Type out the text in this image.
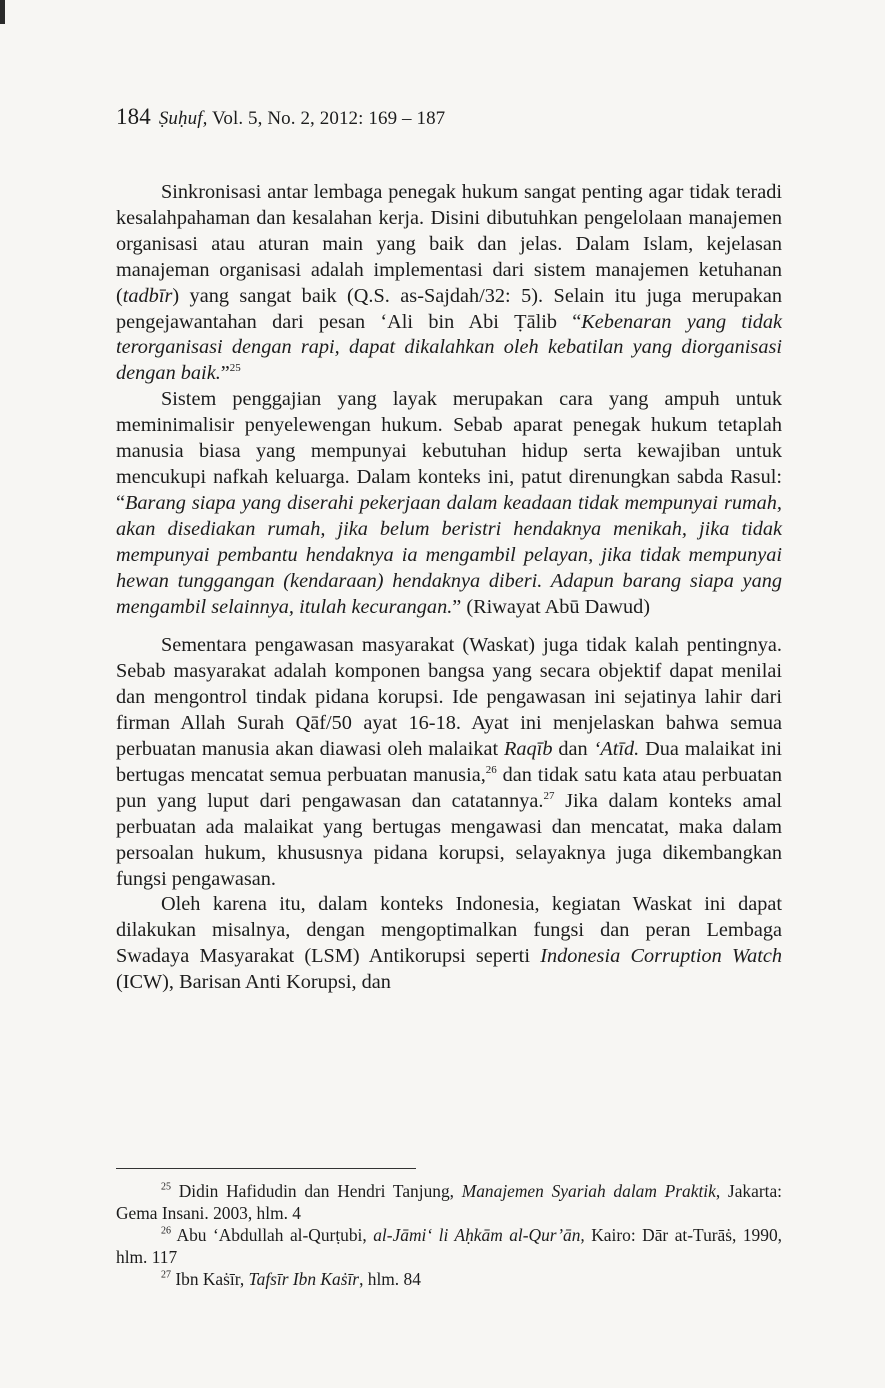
184 Ṣuḥuf, Vol. 5, No. 2, 2012: 169 – 187

Sinkronisasi antar lembaga penegak hukum sangat penting agar tidak teradi kesalahpahaman dan kesalahan kerja. Disini dibutuhkan pengelolaan manajemen organisasi atau aturan main yang baik dan jelas. Dalam Islam, kejelasan manajeman organisasi adalah implementasi dari sistem manajemen ketuhanan (tadbīr) yang sangat baik (Q.S. as-Sajdah/32: 5). Selain itu juga merupakan pengejawantahan dari pesan ‘Ali bin Abi Ṭālib “Kebenaran yang tidak terorganisasi dengan rapi, dapat dikalahkan oleh kebatilan yang diorganisasi dengan baik.”$^{25}$

Sistem penggajian yang layak merupakan cara yang ampuh untuk meminimalisir penyelewengan hukum. Sebab aparat penegak hukum tetaplah manusia biasa yang mempunyai kebutuhan hidup serta kewajiban untuk mencukupi nafkah keluarga. Dalam konteks ini, patut direnungkan sabda Rasul: “Barang siapa yang diserahi pekerjaan dalam keadaan tidak mempunyai rumah, akan disediakan rumah, jika belum beristri hendaknya menikah, jika tidak mempunyai pembantu hendaknya ia mengambil pelayan, jika tidak mempunyai hewan tunggangan (kendaraan) hendaknya diberi. Adapun barang siapa yang mengambil selainnya, itulah kecurangan.” (Riwayat Abū Dawud)

Sementara pengawasan masyarakat (Waskat) juga tidak kalah pentingnya. Sebab masyarakat adalah komponen bangsa yang secara objektif dapat menilai dan mengontrol tindak pidana korupsi. Ide pengawasan ini sejatinya lahir dari firman Allah Surah Qāf/50 ayat 16-18. Ayat ini menjelaskan bahwa semua perbuatan manusia akan diawasi oleh malaikat Raqīb dan ‘Atīd. Dua malaikat ini bertugas mencatat semua perbuatan manusia,$^{26}$ dan tidak satu kata atau perbuatan pun yang luput dari pengawasan dan catatannya.$^{27}$ Jika dalam konteks amal perbuatan ada malaikat yang bertugas mengawasi dan mencatat, maka dalam persoalan hukum, khususnya pidana korupsi, selayaknya juga dikembangkan fungsi pengawasan.

Oleh karena itu, dalam konteks Indonesia, kegiatan Waskat ini dapat dilakukan misalnya, dengan mengoptimalkan fungsi dan peran Lembaga Swadaya Masyarakat (LSM) Antikorupsi seperti Indonesia Corruption Watch (ICW), Barisan Anti Korupsi, dan

$^{25}$ Didin Hafidudin dan Hendri Tanjung, Manajemen Syariah dalam Praktik, Jakarta: Gema Insani. 2003, hlm. 4

$^{26}$ Abu ‘Abdullah al-Qurṭubi, al-Jāmi‘ li Aḥkām al-Qur’ān, Kairo: Dār at-Turāṡ, 1990, hlm. 117

$^{27}$ Ibn Kaṡīr, Tafsīr Ibn Kaṡīr, hlm. 84
